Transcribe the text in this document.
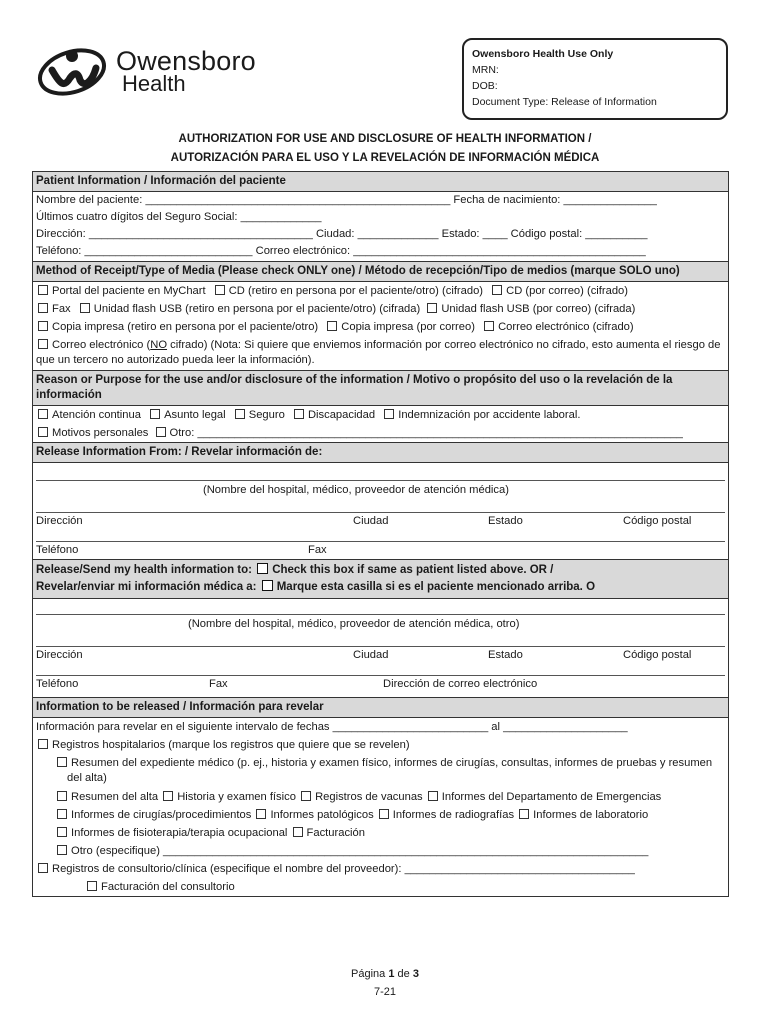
Owensboro
Health
Owensboro Health Use Only
MRN:
DOB:
Document Type: Release of Information
AUTHORIZATION FOR USE AND DISCLOSURE OF HEALTH INFORMATION /
AUTORIZACIÓN PARA EL USO Y LA REVELACIÓN DE INFORMACIÓN MÉDICA
Patient Information / Información del paciente
Nombre del paciente: _________________________________________________ Fecha de nacimiento: _______________
Últimos cuatro dígitos del Seguro Social: _____________
Dirección: ____________________________________ Ciudad: _____________ Estado: ____ Código postal: __________
Teléfono: ___________________________ Correo electrónico: _______________________________________________
Method of Receipt/Type of Media (Please check ONLY one) / Método de recepción/Tipo de medios (marque SOLO uno)
Portal del paciente en MyChart CD (retiro en persona por el paciente/otro) (cifrado) CD (por correo) (cifrado)
Fax Unidad flash USB (retiro en persona por el paciente/otro) (cifrada) Unidad flash USB (por correo) (cifrada)
Copia impresa (retiro en persona por el paciente/otro) Copia impresa (por correo) Correo electrónico (cifrado)
Correo electrónico (NO cifrado) (Nota: Si quiere que enviemos información por correo electrónico no cifrado, esto aumenta el riesgo de que un tercero no autorizado pueda leer la información).
Reason or Purpose for the use and/or disclosure of the information / Motivo o propósito del uso o la revelación de la información
Atención continua Asunto legal Seguro Discapacidad Indemnización por accidente laboral.
Motivos personales Otro: ______________________________________________________________________________
Release Information From: / Revelar información de:
(Nombre del hospital, médico, proveedor de atención médica)
Dirección	Ciudad	Estado	Código postal
Teléfono	Fax
Release/Send my health information to: Check this box if same as patient listed above. OR /
Revelar/enviar mi información médica a: Marque esta casilla si es el paciente mencionado arriba. O
(Nombre del hospital, médico, proveedor de atención médica, otro)
Dirección	Ciudad	Estado	Código postal
Teléfono	Fax	Dirección de correo electrónico
Information to be released / Información para revelar
Información para revelar en el siguiente intervalo de fechas _________________________ al ____________________
Registros hospitalarios (marque los registros que quiere que se revelen)
Resumen del expediente médico (p. ej., historia y examen físico, informes de cirugías, consultas, informes de pruebas y resumen del alta)
Resumen del alta Historia y examen físico Registros de vacunas Informes del Departamento de Emergencias
Informes de cirugías/procedimientos Informes patológicos Informes de radiografías Informes de laboratorio
Informes de fisioterapia/terapia ocupacional Facturación
Otro (especifique) ______________________________________________________________________________
Registros de consultorio/clínica (especifique el nombre del proveedor): _____________________________________
Facturación del consultorio
Página 1 de 3
7-21
